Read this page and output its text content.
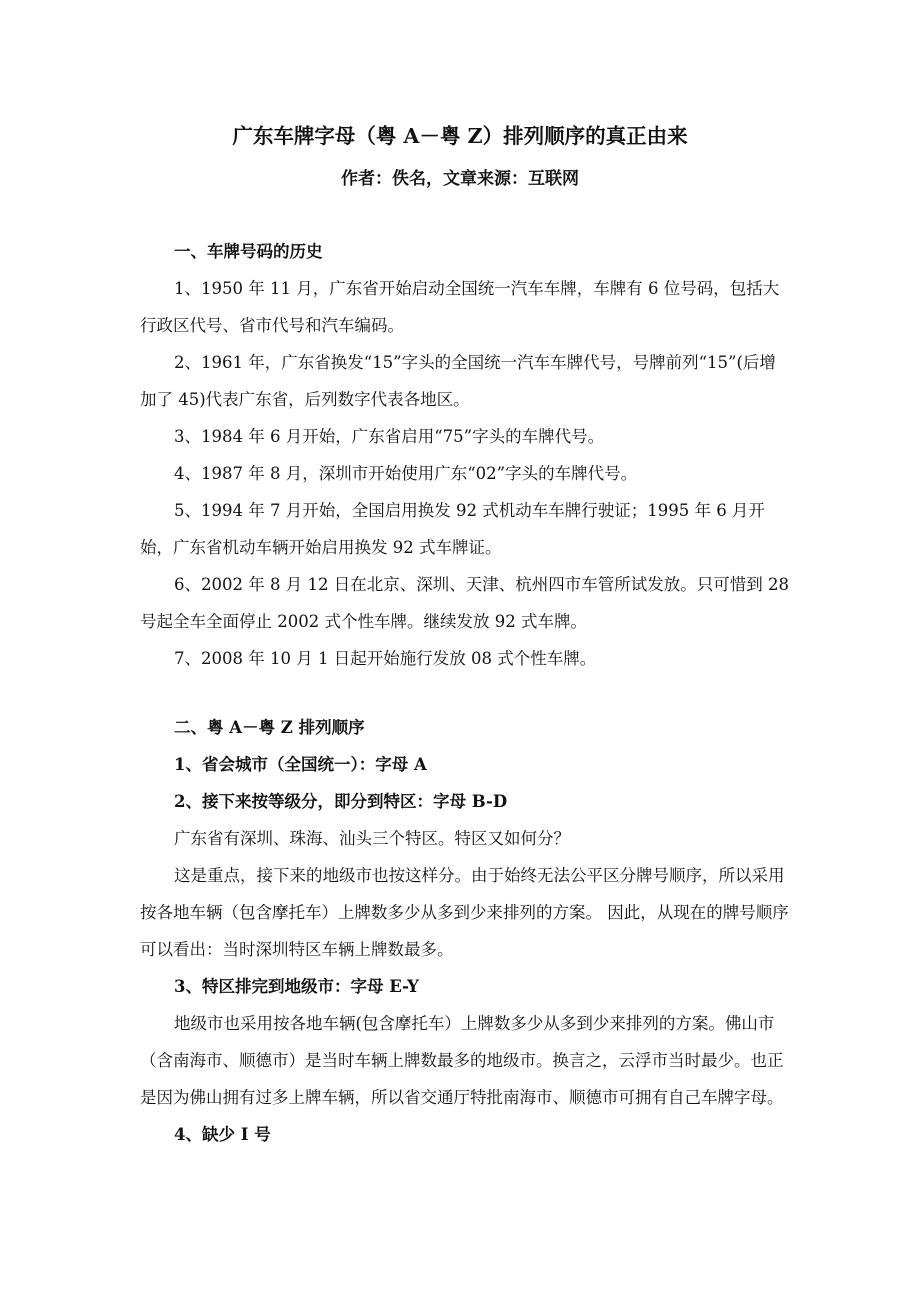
广东车牌字母（粤 A－粤 Z）排列顺序的真正由来
作者：佚名，文章来源：互联网

一、车牌号码的历史

1、1950 年 11 月，广东省开始启动全国统一汽车车牌，车牌有 6 位号码，包括大行政区代号、省市代号和汽车编码。

2、1961 年，广东省换发“15”字头的全国统一汽车车牌代号，号牌前列“15”(后增加了 45)代表广东省，后列数字代表各地区。

3、1984 年 6 月开始，广东省启用“75”字头的车牌代号。

4、1987 年 8 月，深圳市开始使用广东“02”字头的车牌代号。

5、1994 年 7 月开始，全国启用换发 92 式机动车车牌行驶证；1995 年 6 月开始，广东省机动车辆开始启用换发 92 式车牌证。

6、2002 年 8 月 12 日在北京、深圳、天津、杭州四市车管所试发放。只可惜到 28 号起全车全面停止 2002 式个性车牌。继续发放 92 式车牌。

7、2008 年 10 月 1 日起开始施行发放 08 式个性车牌。

二、粤 A－粤 Z 排列顺序

1、省会城市（全国统一）：字母 A

2、接下来按等级分，即分到特区：字母 B-D

广东省有深圳、珠海、汕头三个特区。特区又如何分？

这是重点，接下来的地级市也按这样分。由于始终无法公平区分牌号顺序，所以采用按各地车辆（包含摩托车）上牌数多少从多到少来排列的方案。 因此，从现在的牌号顺序可以看出：当时深圳特区车辆上牌数最多。

3、特区排完到地级市：字母 E-Y

地级市也采用按各地车辆(包含摩托车）上牌数多少从多到少来排列的方案。佛山市（含南海市、顺德市）是当时车辆上牌数最多的地级市。换言之，云浮市当时最少。也正是因为佛山拥有过多上牌车辆，所以省交通厅特批南海市、顺德市可拥有自己车牌字母。

4、缺少 I 号
